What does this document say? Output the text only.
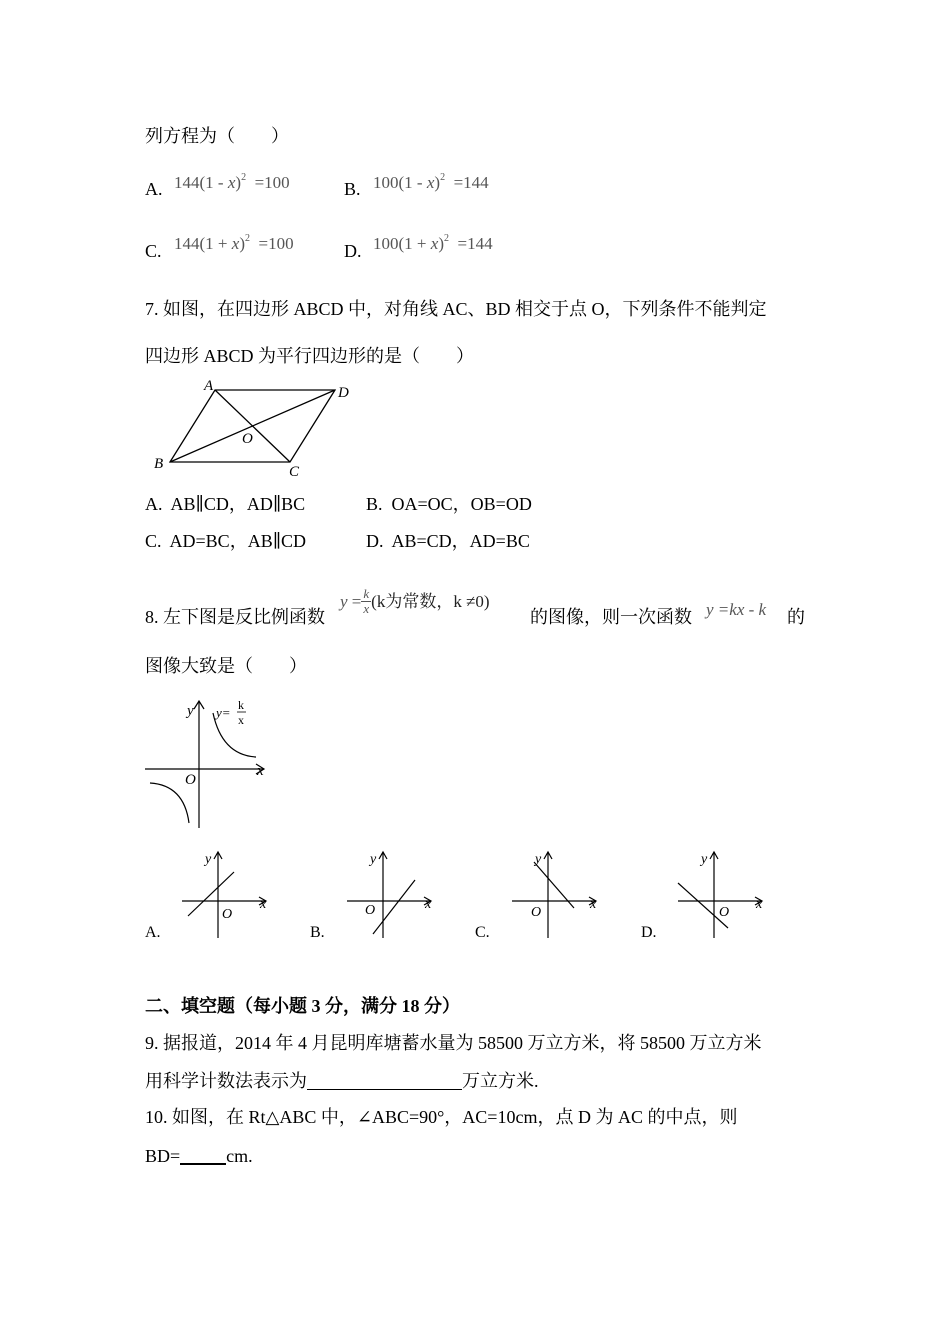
列方程为（　　）
A. 144(1 - x)$^2$ =100	B. 100(1 - x)$^2$ =144
C. $144(1 + x)^2 =100$	D. $100(1 + x)^2 =144$
7. 如图，在四边形 ABCD 中，对角线 AC、BD 相交于点 O，下列条件不能判定
四边形 ABCD 为平行四边形的是（　　）
A	D
B	C
O
A. AB∥CD，AD∥BC	B. OA=OC，OB=OD
C. AD=BC，AB∥CD	D. AB=CD，AD=BC
8. 左下图是反比例函数
y
= $\frac{k}{x} (k$为常数，k ≠0)
的图像，则一次函数 y =kx - k 的
图像大致是（　　）
y
x
O
y= k
x
y
x
O
A.
y
x
O
B.
y
x
O
C.
y
x
O
D.
二、填空题（每小题 3 分，满分 18 分）
9. 据报道，2014 年 4 月昆明库塘蓄水量为 58500 万立方米，将 58500 万立方米
用科学计数法表示为	万立方米.
10. 如图，在 Rt△ABC 中，∠ABC=90°，AC=10cm，点 D 为 AC 的中点，则
BD=	cm.
